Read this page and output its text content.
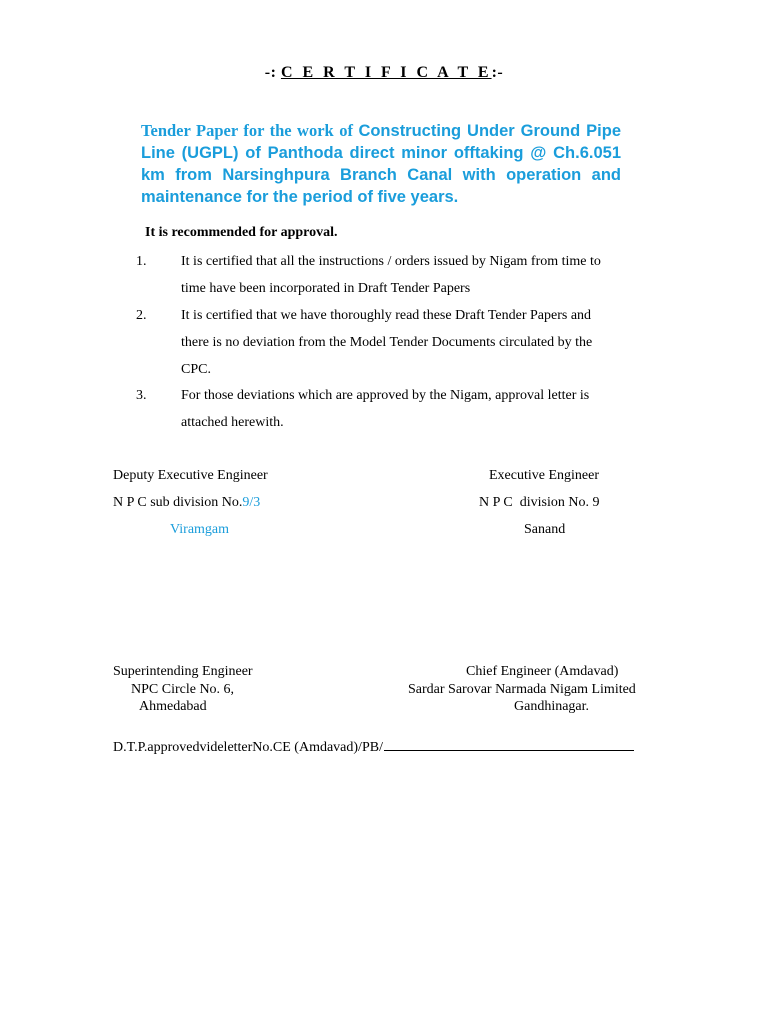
-: C E R T I F I C A T E:-
Tender Paper for the work of Constructing Under Ground Pipe Line (UGPL) of Panthoda direct minor offtaking @ Ch.6.051 km from Narsinghpura Branch Canal with operation and maintenance for the period of five years.
It is recommended for approval.
1. It is certified that all the instructions / orders issued by Nigam from time to
time have been incorporated in Draft Tender Papers
2. It is certified that we have thoroughly read these Draft Tender Papers and
there is no deviation from the Model Tender Documents circulated by the
CPC.
3. For those deviations which are approved by the Nigam, approval letter is
attached herewith.
Deputy Executive Engineer
N P C sub division No.9/3
Viramgam
Executive Engineer
N P C  division No. 9
Sanand
Superintending Engineer
NPC Circle No. 6,
Ahmedabad
Chief Engineer (Amdavad)
Sardar Sarovar Narmada Nigam Limited
Gandhinagar.
D.T.P.approvedvideletterNo.CE (Amdavad)/PB/
